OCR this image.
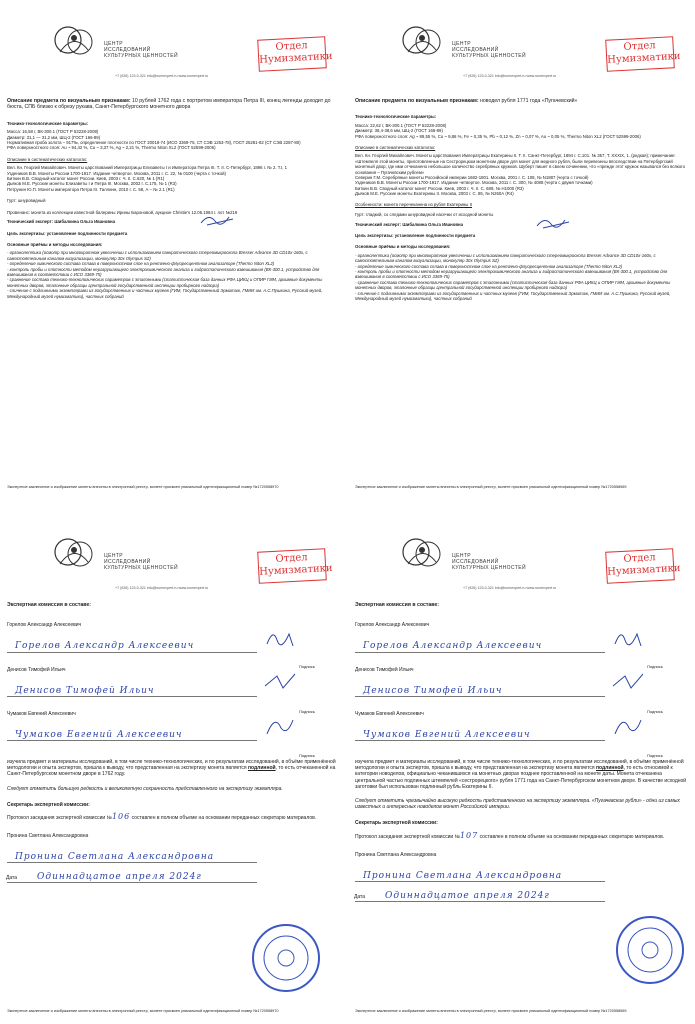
ЦЕНТР
ИССЛЕДОВАНИЙ
КУЛЬТУРНЫХ ЦЕННОСТЕЙ
Отдел
Нумизматики
+7 (926) 123-0-321 info@numexpert.ru www.numexpert.ru

Описание предмета по визуальным признакам: 10 рублей 1762 года с портретом императора Петра III, конец легенды доходит до бюста, СПБ близко к обрезу рукава, Санкт-Петербургского монетного двора

Технико-технологические параметры:

Масса: 16,58 г, ВК-300.1 (ГОСТ Р 53228-2008)
Диаметр: 31,1 — 31,2 мм, ШЦ-2 (ГОСТ 166-89)
Нормативная проба золота – 917‰, определение плотности по ГОСТ 20018-74 (ИСО 3369-75, СТ СЭВ 1253-78), ГОСТ 25281-82 (СТ СЭВ 2287-80)
РФА поверхностного слоя: Au ~ 94,42 %, Cu ~ 3,37 %, Ag ~ 2,21 %, Thermo Niton XL2 (ГОСТ 52599-2006)

Описание в систематических каталогах:

Вел. Кн. Георгий Михайлович. Монеты царствований Императрицы Елизаветы I и Императора Петра III. Т. II. С-Петербург, 1896 г. № 2. Т.I, 1
Уздеников В.В. Монеты России 1700-1917. Издание четвертое. Москва, 2011 г. С. 22, № 0100 (черта с точкой)
Биткин В.В. Сводный каталог монет России. Киев, 2003 г. Ч. II. С.620, № 1 (R1)
Дьяков М.Е. Русские монеты Елизаветы I и Петра III. Москва, 2002 г. С.175, № 1 (R3)
Петрунин Ю.П. Монеты императора Петра III. Таллинн, 2010 г. С. 58, А – № 2.1 (R1)

Гурт: шнуровидный

Провенанс: монета из коллекции известной балерины Ирины Бароновой, аукцион Christie's 12.05.1984 г. лот №219

Технический эксперт: Шибалкина Ольга Ивановна

Цель экспертизы: установление подлинности предмета

Основные приёмы и методы исследования:

- органолептика (осмотр при многократном увеличении с использованием панкратического стереомикроскопа Bresser Advance 3D CD10x-160x, с самостоятельным каналом визуализации, монокуляр 30x Olympus SZ)
- определение химического состава сплава в поверхностном слое на рентгено-флуоресцентном анализаторе (Thermo Niton XL2)
- контроль пробы и плотности методом неразрушающего электрохимического анализа и гидростатического взвешивания (ВК-300.1, устройство для взвешивания в соответствии с ИСО 3369-75)
- сравнение состава технико-технологических параметров с эталонными (статистическая база данных РФА ЦИКЦ и ОПИР ГИМ, архивные документы монетных дворов, эталонные образцы Центральной государственной инспекции пробирного надзора)
- сличение с подлинными экземплярами из государственных и частных музеев (ГИМ, Государственный Эрмитаж, ГМИИ им. А.С.Пушкина, Русский музей, Международный музей нумизматики), частных собраний

Экспертное заключение и изображение монеты внесены в электронный реестр, монете присвоен уникальный идентификационный номер №1720558970
ЦЕНТР
ИССЛЕДОВАНИЙ
КУЛЬТУРНЫХ ЦЕННОСТЕЙ
Отдел
Нумизматики
+7 (926) 123-0-321 info@numexpert.ru www.numexpert.ru

Описание предмета по визуальным признакам: новодел рубля 1771 года «Пугачевский»

Технико-технологические параметры:

Масса: 22,62 г, ВК-300.1 (ГОСТ Р 53228-2008)
Диаметр: 38,4-38,6 мм, ШЦ-2 (ГОСТ 166-89)
РФА поверхностного слоя: Ag ~ 89,55 %, Cu ~ 9,86 %, Fe ~ 0,35 %, Pb ~ 0,12 %, Zn ~ 0,07 %, Au ~ 0,05 %, Thermo Niton XL2 (ГОСТ 52599-2006)

Описание в систематических каталогах:

Вел. Кн. Георгий Михайлович. Монеты царствования Императрицы Екатерины II. Т. II. Санкт-Петербург, 1894 г. С.101. № 357, Т. XXXIX, 1. (редкая); примечание: «Штемпеля этой монеты, приготовленные на Сестрорецком монетном дворе для монет для медного рубля, были перевезены впоследствии на Петербургский монетный двор, где ими отчеканено небольшое количество серебряных кружков. Шуберт пишет в своем сочинении, что «прежде этот кружок назывался без всякого основания – Пугачевским рублем»
Северин Г.М. Серебряные монеты Российской империи 1682-1801. Москва, 2001 г. С. 108, № N1887 (черта с точкой)
Уздеников В.В. Монеты России 1700-1917. Издание четвертое. Москва, 2011 г. С. 300, № 4088 (черта с двумя точками)
Биткин В.В. Сводный каталог монет России. Киев, 2003 г. Ч. II. С. 689, № Н1000 (R3)
Дьяков М.Е. Русские монеты Екатерины II. Москва, 2003 г. С. 85, № N260А (R4)

Особенности: монета перечеканена из рубля Екатерины II

Гурт: гладкий, со следами шнуровидной насечки от исходной монеты

Технический эксперт: Шибалкина Ольга Ивановна

Цель экспертизы: установление подлинности предмета

Основные приёмы и методы исследования:

- органолептика (осмотр при многократном увеличении с использованием панкратического стереомикроскопа Bresser Advance 3D CD10x-160x, с самостоятельным каналом визуализации, монокуляр 30x Olympus SZ)
- определение химического состава сплава в поверхностном слое на рентгено-флуоресцентном анализаторе (Thermo Niton XL2)
- контроль пробы и плотности методом неразрушающего электрохимического анализа и гидростатического взвешивания (ВК-300.1, устройство для взвешивания в соответствии с ИСО 3369-75)
- сравнение состава технико-технологических параметров с эталонными (статистическая база данных РФА ЦИКЦ и ОПИР ГИМ, архивные документы монетных дворов, эталонные образцы Центральной государственной инспекции пробирного надзора)
- сличение с подлинными экземплярами из государственных и частных музеев (ГИМ, Государственный Эрмитаж, ГМИИ им. А.С.Пушкина, Русский музей, Международный музей нумизматики), частных собраний

Экспертное заключение и изображение монеты внесены в электронный реестр, монете присвоен уникальный идентификационный номер №1720558969
ЦЕНТР
ИССЛЕДОВАНИЙ
КУЛЬТУРНЫХ ЦЕННОСТЕЙ
Отдел
Нумизматики
+7 (926) 123-0-321 info@numexpert.ru www.numexpert.ru

Экспертная комиссия в составе:

Горелов Александр Алексеевич
Горелов Александр Алексеевич
Подпись
Денисов Тимофей Ильич
Денисов Тимофей Ильич
Подпись
Чумаков Евгений Алексеевич
Чумаков Евгений Алексеевич
Подпись

изучила предмет и материалы исследований, в том числе технико-технологических, и по результатам исследований, в объёме применённой методологии и опыта экспертов, пришла к выводу, что представленная на экспертизу монета является подлинной, то есть отчеканенной на Санкт-Петербургском монетном дворе в 1762 году.

Следует отметить большую редкость и великолепную сохранность представленного на экспертизу экземпляра.

Секретарь экспертной комиссии:

Протокол заседания экспертной комиссии №106 составлен в полном объеме на основании переданных секретарю материалов.

Пронина Светлана Александровна
Пронина Светлана Александровна
Дата Одиннадцатое апреля 2024г
Экспертное заключение и изображение монеты внесены в электронный реестр, монете присвоен уникальный идентификационный номер №1720558970
ЦЕНТР
ИССЛЕДОВАНИЙ
КУЛЬТУРНЫХ ЦЕННОСТЕЙ
Отдел
Нумизматики
+7 (926) 123-0-321 info@numexpert.ru www.numexpert.ru

Экспертная комиссия в составе:

Горелов Александр Алексеевич
Горелов Александр Алексеевич
Подпись
Денисов Тимофей Ильич
Денисов Тимофей Ильич
Подпись
Чумаков Евгений Алексеевич
Чумаков Евгений Алексеевич
Подпись

изучила предмет и материалы исследований, в том числе технико-технологических, и по результатам исследований, в объёме применённой методологии и опыта экспертов, пришла к выводу, что представленная на экспертизу монета является подлинной, то есть относимой к категории новоделов, официально чеканившихся на монетных дворах позднее проставленной на монете даты. Монета отчеканена центральной частью подлинных штемпелей «сестрорецкого» рубля 1771 года на Санкт-Петербургском монетном дворе. В качестве исходной заготовки был использован подлинный рубль Екатерины II.

Следует отметить чрезвычайно высокую редкость представленного на экспертизу экземпляра. «Пугачевские рубли» - одни из самых известных и интересных новоделов монет Российской империи.

Секретарь экспертной комиссии:

Протокол заседания экспертной комиссии №107 составлен в полном объеме на основании переданных секретарю материалов.

Пронина Светлана Александровна
Пронина Светлана Александровна
Дата Одиннадцатое апреля 2024г
Экспертное заключение и изображение монеты внесены в электронный реестр, монете присвоен уникальный идентификационный номер №1720558969
